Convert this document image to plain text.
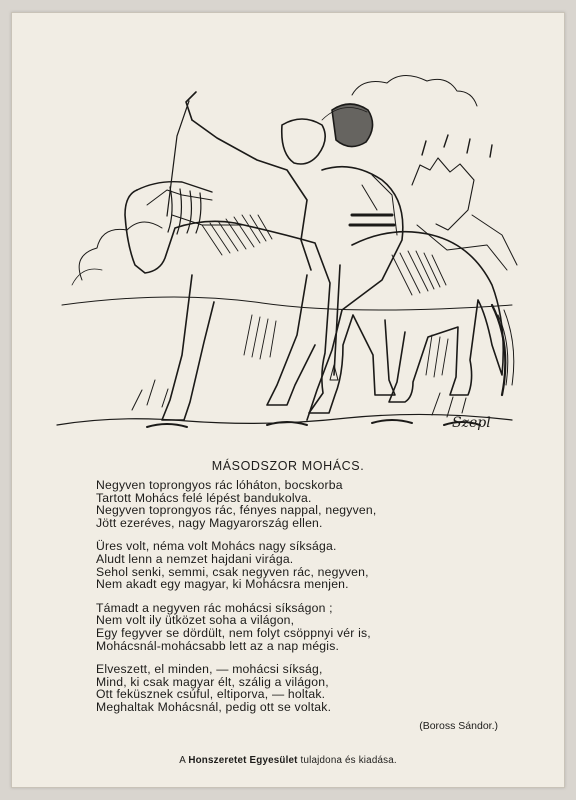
Szepl
MÁSODSZOR MOHÁCS.
Negyven toprongyos rác lóháton, bocskorba
Tartott Mohács felé lépést bandukolva.
Negyven toprongyos rác, fényes nappal, negyven,
Jött ezeréves, nagy Magyarország ellen.
Üres volt, néma volt Mohács nagy síksága.
Aludt lenn a nemzet hajdani virága.
Sehol senki, semmi, csak negyven rác, negyven,
Nem akadt egy magyar, ki Mohácsra menjen.
Támadt a negyven rác mohácsi síkságon ;
Nem volt ily ütközet soha a világon,
Egy fegyver se dördült, nem folyt csöppnyi vér is,
Mohácsnál-mohácsabb lett az a nap mégis.
Elveszett, el minden, — mohácsi síkság,
Mind, ki csak magyar élt, szálig a világon,
Ott feküsznek csúful, eltiporva, — holtak.
Meghaltak Mohácsnál, pedig ott se voltak.
(Boross Sándor.)
A Honszeretet Egyesület tulajdona és kiadása.
